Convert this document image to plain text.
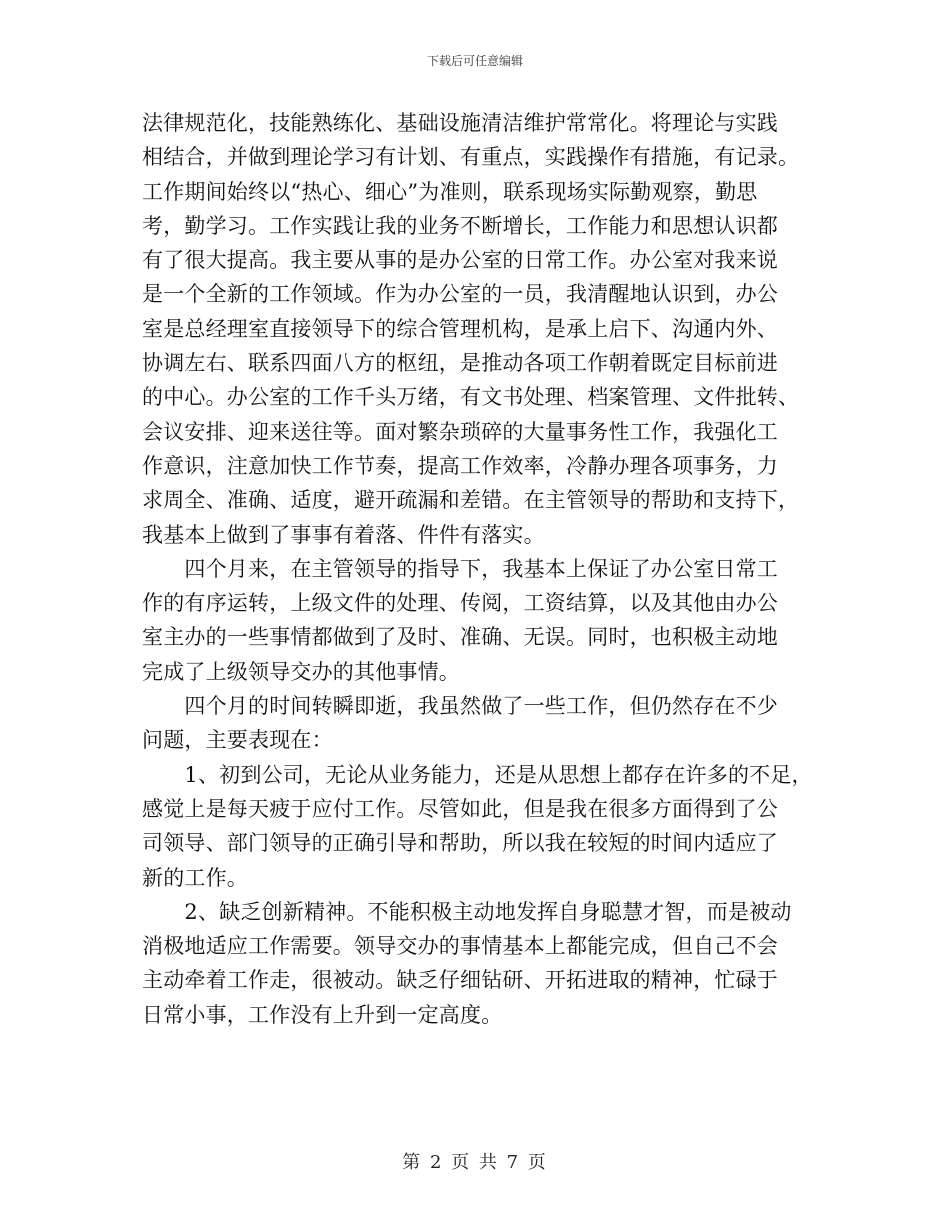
下载后可任意编辑
法律规范化，技能熟练化、基础设施清洁维护常常化。将理论与实践
相结合，并做到理论学习有计划、有重点，实践操作有措施，有记录。
工作期间始终以“热心、细心”为准则，联系现场实际勤观察，勤思
考，勤学习。工作实践让我的业务不断增长，工作能力和思想认识都
有了很大提高。我主要从事的是办公室的日常工作。办公室对我来说
是一个全新的工作领域。作为办公室的一员，我清醒地认识到，办公
室是总经理室直接领导下的综合管理机构，是承上启下、沟通内外、
协调左右、联系四面八方的枢纽，是推动各项工作朝着既定目标前进
的中心。办公室的工作千头万绪，有文书处理、档案管理、文件批转、
会议安排、迎来送往等。面对繁杂琐碎的大量事务性工作，我强化工
作意识，注意加快工作节奏，提高工作效率，冷静办理各项事务，力
求周全、准确、适度，避开疏漏和差错。在主管领导的帮助和支持下，
我基本上做到了事事有着落、件件有落实。
　　四个月来，在主管领导的指导下，我基本上保证了办公室日常工
作的有序运转，上级文件的处理、传阅，工资结算，以及其他由办公
室主办的一些事情都做到了及时、准确、无误。同时，也积极主动地
完成了上级领导交办的其他事情。
　　四个月的时间转瞬即逝，我虽然做了一些工作，但仍然存在不少
问题，主要表现在：
　　1、初到公司，无论从业务能力，还是从思想上都存在许多的不足，
感觉上是每天疲于应付工作。尽管如此，但是我在很多方面得到了公
司领导、部门领导的正确引导和帮助，所以我在较短的时间内适应了
新的工作。
　　2、缺乏创新精神。不能积极主动地发挥自身聪慧才智，而是被动
消极地适应工作需要。领导交办的事情基本上都能完成，但自己不会
主动牵着工作走，很被动。缺乏仔细钻研、开拓进取的精神，忙碌于
日常小事，工作没有上升到一定高度。
第 2 页 共 7 页
